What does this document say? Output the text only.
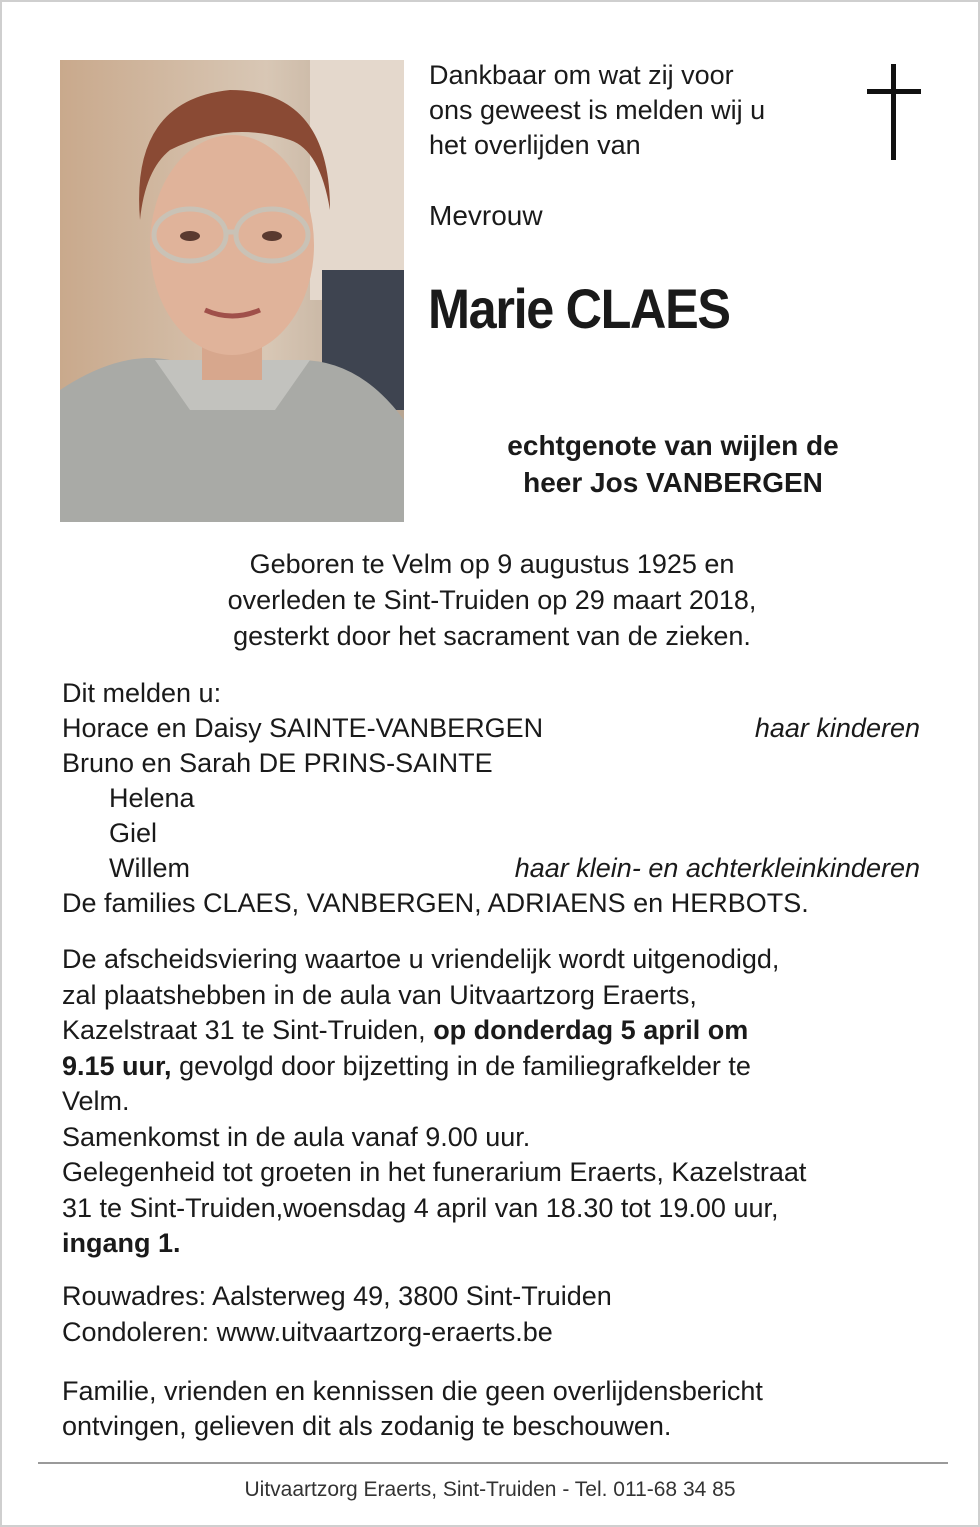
Dankbaar om wat zij voor
ons geweest is melden wij u
het overlijden van
Mevrouw
Marie CLAES
echtgenote van wijlen de
heer Jos VANBERGEN
Geboren te Velm op 9 augustus 1925 en
overleden te Sint-Truiden op 29 maart 2018,
gesterkt door het sacrament van de zieken.
Dit melden u:
Horace en Daisy SAINTE-VANBERGEN	haar kinderen
Bruno en Sarah DE PRINS-SAINTE
Helena
Giel
Willem	haar klein- en achterkleinkinderen
De families CLAES, VANBERGEN, ADRIAENS en HERBOTS.
De afscheidsviering waartoe u vriendelijk wordt uitgenodigd,
zal plaatshebben in de aula van Uitvaartzorg Eraerts,
Kazelstraat 31 te Sint-Truiden, op donderdag 5 april om
9.15 uur, gevolgd door bijzetting in de familiegrafkelder te
Velm.
Samenkomst in de aula vanaf 9.00 uur.
Gelegenheid tot groeten in het funerarium Eraerts, Kazelstraat
31 te Sint-Truiden,woensdag 4 april van 18.30 tot 19.00 uur,
ingang 1.
Rouwadres: Aalsterweg 49, 3800 Sint-Truiden
Condoleren: www.uitvaartzorg-eraerts.be
Familie, vrienden en kennissen die geen overlijdensbericht
ontvingen, gelieven dit als zodanig te beschouwen.
Uitvaartzorg Eraerts, Sint-Truiden - Tel. 011-68 34 85
